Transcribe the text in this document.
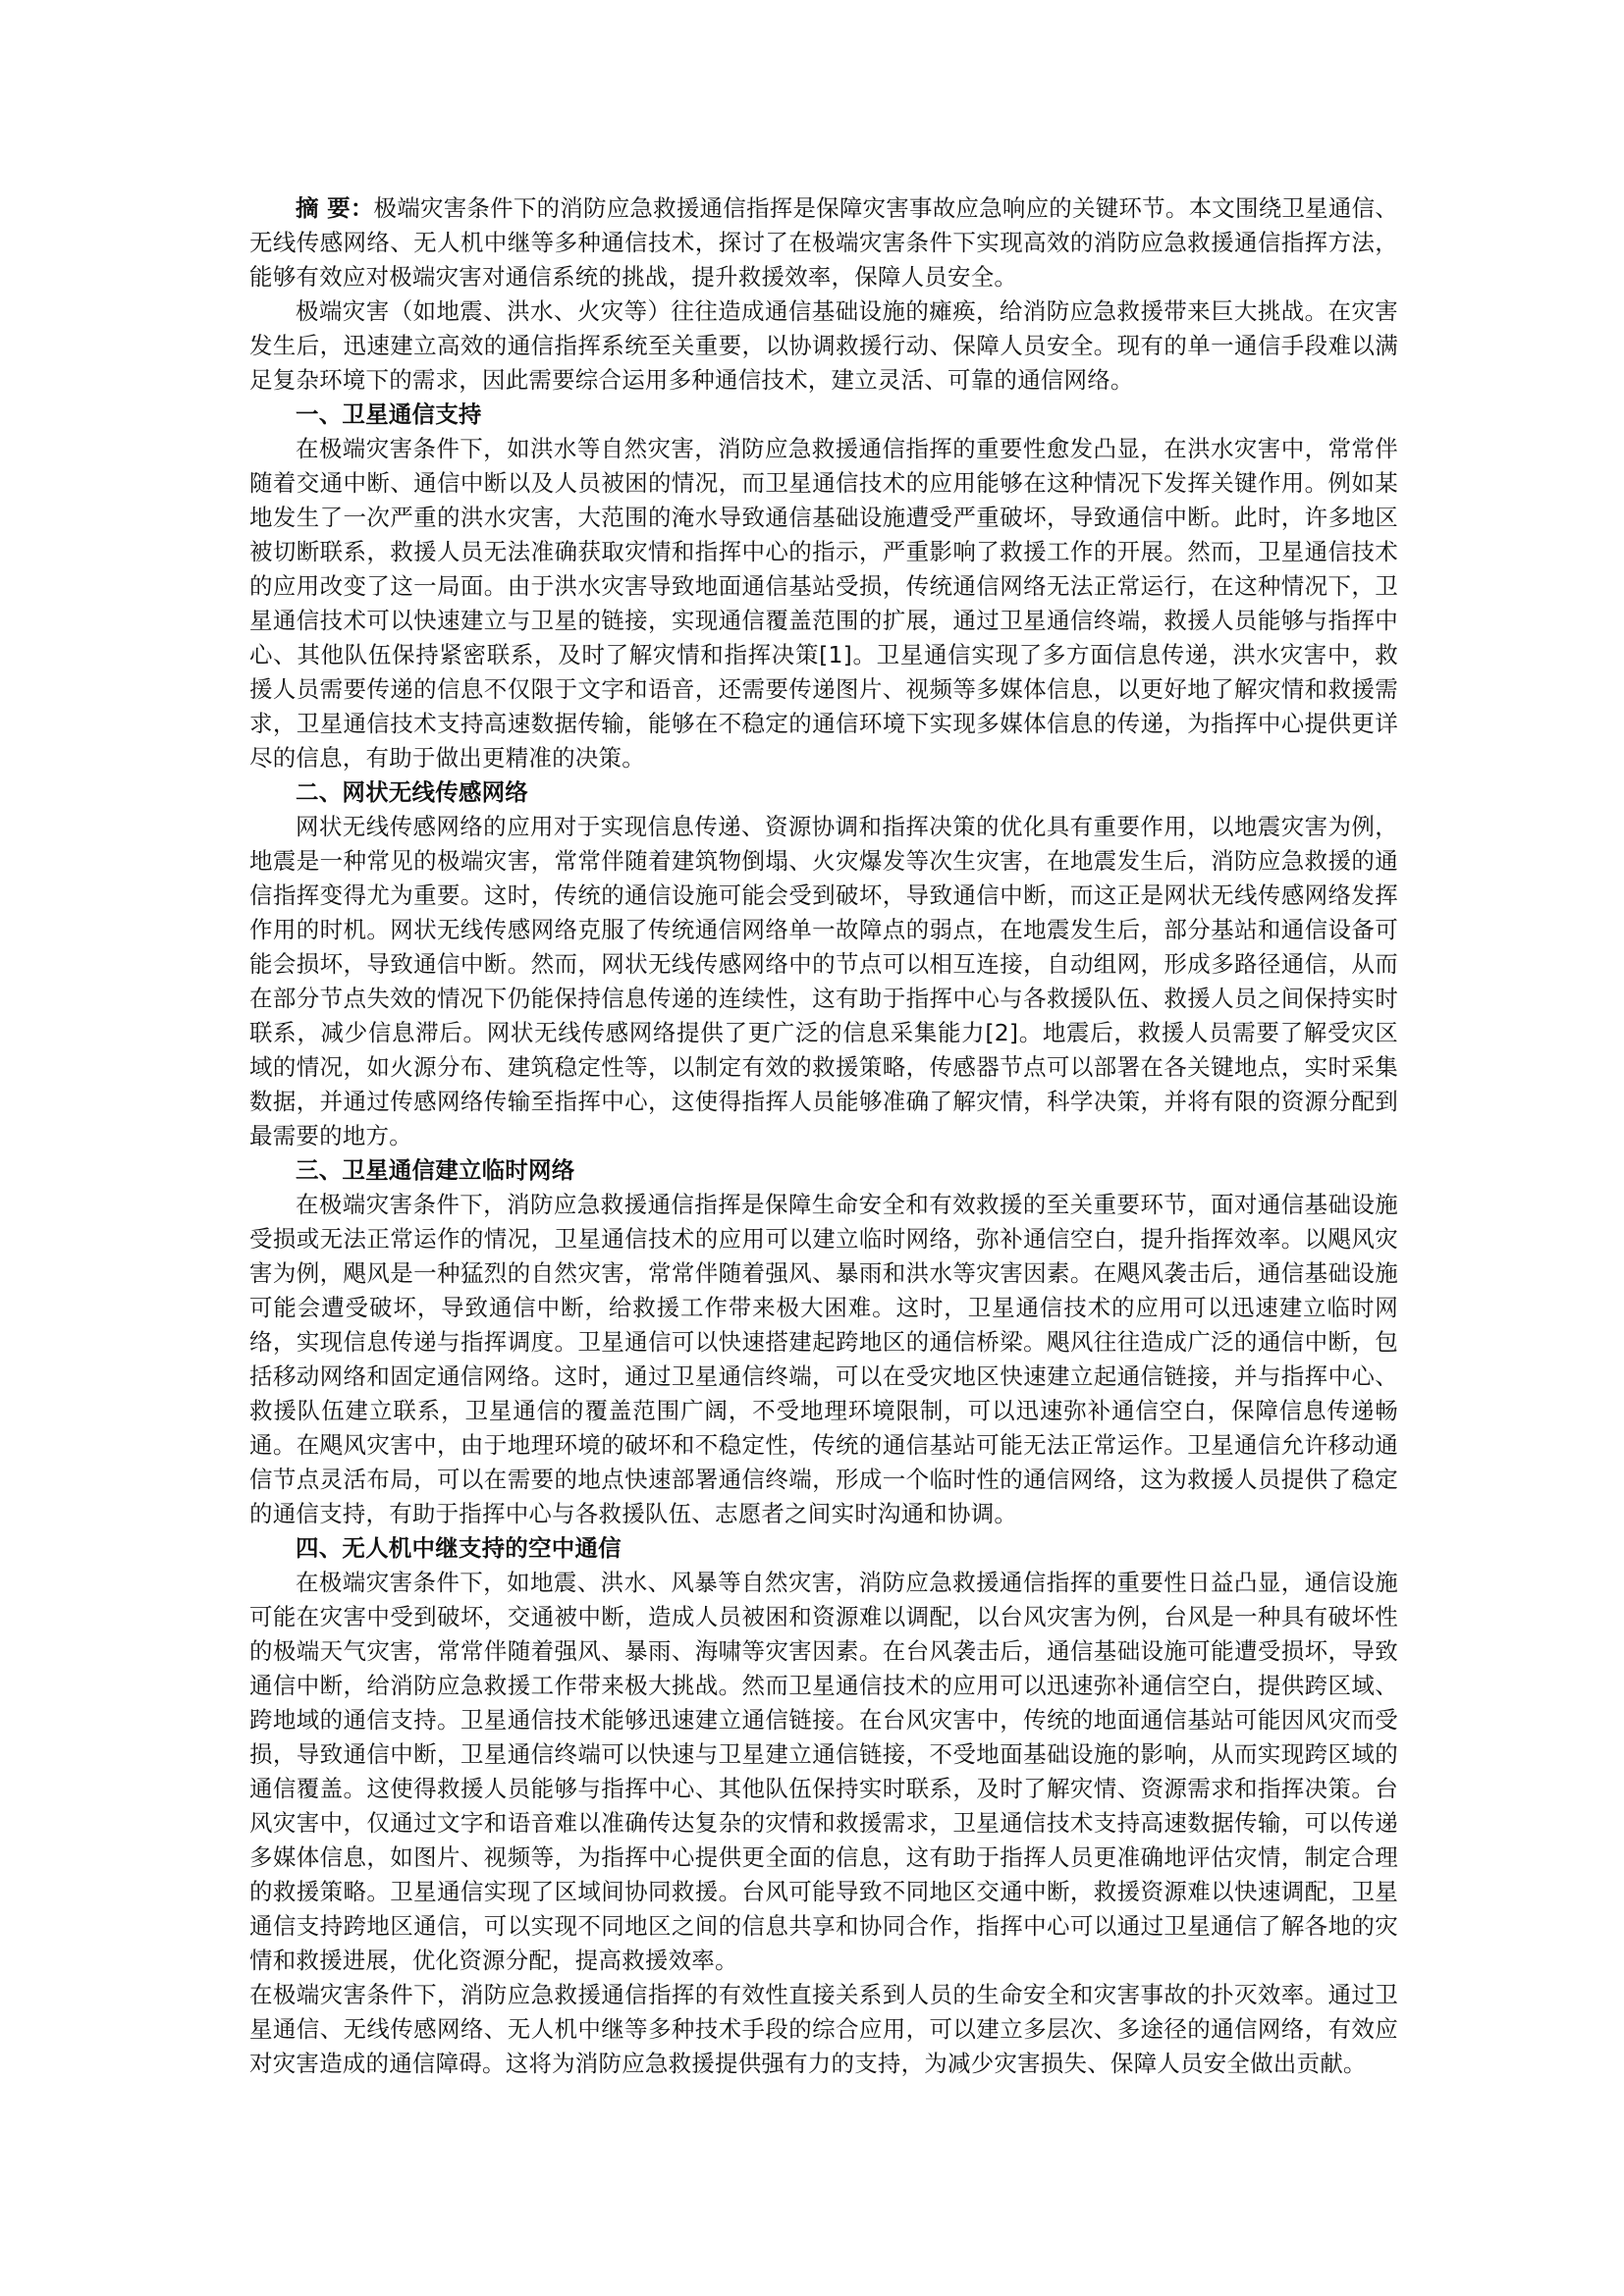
摘 要：极端灾害条件下的消防应急救援通信指挥是保障灾害事故应急响应的关键环节。本文围绕卫星通信、无线传感网络、无人机中继等多种通信技术，探讨了在极端灾害条件下实现高效的消防应急救援通信指挥方法，能够有效应对极端灾害对通信系统的挑战，提升救援效率，保障人员安全。

极端灾害（如地震、洪水、火灾等）往往造成通信基础设施的瘫痪，给消防应急救援带来巨大挑战。在灾害发生后，迅速建立高效的通信指挥系统至关重要，以协调救援行动、保障人员安全。现有的单一通信手段难以满足复杂环境下的需求，因此需要综合运用多种通信技术，建立灵活、可靠的通信网络。

一、卫星通信支持

在极端灾害条件下，如洪水等自然灾害，消防应急救援通信指挥的重要性愈发凸显，在洪水灾害中，常常伴随着交通中断、通信中断以及人员被困的情况，而卫星通信技术的应用能够在这种情况下发挥关键作用。例如某地发生了一次严重的洪水灾害，大范围的淹水导致通信基础设施遭受严重破坏，导致通信中断。此时，许多地区被切断联系，救援人员无法准确获取灾情和指挥中心的指示，严重影响了救援工作的开展。然而，卫星通信技术的应用改变了这一局面。由于洪水灾害导致地面通信基站受损，传统通信网络无法正常运行，在这种情况下，卫星通信技术可以快速建立与卫星的链接，实现通信覆盖范围的扩展，通过卫星通信终端，救援人员能够与指挥中心、其他队伍保持紧密联系，及时了解灾情和指挥决策[1]。卫星通信实现了多方面信息传递，洪水灾害中，救援人员需要传递的信息不仅限于文字和语音，还需要传递图片、视频等多媒体信息，以更好地了解灾情和救援需求，卫星通信技术支持高速数据传输，能够在不稳定的通信环境下实现多媒体信息的传递，为指挥中心提供更详尽的信息，有助于做出更精准的决策。

二、网状无线传感网络

网状无线传感网络的应用对于实现信息传递、资源协调和指挥决策的优化具有重要作用，以地震灾害为例，地震是一种常见的极端灾害，常常伴随着建筑物倒塌、火灾爆发等次生灾害，在地震发生后，消防应急救援的通信指挥变得尤为重要。这时，传统的通信设施可能会受到破坏，导致通信中断，而这正是网状无线传感网络发挥作用的时机。网状无线传感网络克服了传统通信网络单一故障点的弱点，在地震发生后，部分基站和通信设备可能会损坏，导致通信中断。然而，网状无线传感网络中的节点可以相互连接，自动组网，形成多路径通信，从而在部分节点失效的情况下仍能保持信息传递的连续性，这有助于指挥中心与各救援队伍、救援人员之间保持实时联系，减少信息滞后。网状无线传感网络提供了更广泛的信息采集能力[2]。地震后，救援人员需要了解受灾区域的情况，如火源分布、建筑稳定性等，以制定有效的救援策略，传感器节点可以部署在各关键地点，实时采集数据，并通过传感网络传输至指挥中心，这使得指挥人员能够准确了解灾情，科学决策，并将有限的资源分配到最需要的地方。

三、卫星通信建立临时网络

在极端灾害条件下，消防应急救援通信指挥是保障生命安全和有效救援的至关重要环节，面对通信基础设施受损或无法正常运作的情况，卫星通信技术的应用可以建立临时网络，弥补通信空白，提升指挥效率。以飓风灾害为例，飓风是一种猛烈的自然灾害，常常伴随着强风、暴雨和洪水等灾害因素。在飓风袭击后，通信基础设施可能会遭受破坏，导致通信中断，给救援工作带来极大困难。这时，卫星通信技术的应用可以迅速建立临时网络，实现信息传递与指挥调度。卫星通信可以快速搭建起跨地区的通信桥梁。飓风往往造成广泛的通信中断，包括移动网络和固定通信网络。这时，通过卫星通信终端，可以在受灾地区快速建立起通信链接，并与指挥中心、救援队伍建立联系，卫星通信的覆盖范围广阔，不受地理环境限制，可以迅速弥补通信空白，保障信息传递畅通。在飓风灾害中，由于地理环境的破坏和不稳定性，传统的通信基站可能无法正常运作。卫星通信允许移动通信节点灵活布局，可以在需要的地点快速部署通信终端，形成一个临时性的通信网络，这为救援人员提供了稳定的通信支持，有助于指挥中心与各救援队伍、志愿者之间实时沟通和协调。

四、无人机中继支持的空中通信

在极端灾害条件下，如地震、洪水、风暴等自然灾害，消防应急救援通信指挥的重要性日益凸显，通信设施可能在灾害中受到破坏，交通被中断，造成人员被困和资源难以调配，以台风灾害为例，台风是一种具有破坏性的极端天气灾害，常常伴随着强风、暴雨、海啸等灾害因素。在台风袭击后，通信基础设施可能遭受损坏，导致通信中断，给消防应急救援工作带来极大挑战。然而卫星通信技术的应用可以迅速弥补通信空白，提供跨区域、跨地域的通信支持。卫星通信技术能够迅速建立通信链接。在台风灾害中，传统的地面通信基站可能因风灾而受损，导致通信中断，卫星通信终端可以快速与卫星建立通信链接，不受地面基础设施的影响，从而实现跨区域的通信覆盖。这使得救援人员能够与指挥中心、其他队伍保持实时联系，及时了解灾情、资源需求和指挥决策。台风灾害中，仅通过文字和语音难以准确传达复杂的灾情和救援需求，卫星通信技术支持高速数据传输，可以传递多媒体信息，如图片、视频等，为指挥中心提供更全面的信息，这有助于指挥人员更准确地评估灾情，制定合理的救援策略。卫星通信实现了区域间协同救援。台风可能导致不同地区交通中断，救援资源难以快速调配，卫星通信支持跨地区通信，可以实现不同地区之间的信息共享和协同合作，指挥中心可以通过卫星通信了解各地的灾情和救援进展，优化资源分配，提高救援效率。

在极端灾害条件下，消防应急救援通信指挥的有效性直接关系到人员的生命安全和灾害事故的扑灭效率。通过卫星通信、无线传感网络、无人机中继等多种技术手段的综合应用，可以建立多层次、多途径的通信网络，有效应对灾害造成的通信障碍。这将为消防应急救援提供强有力的支持，为减少灾害损失、保障人员安全做出贡献。
